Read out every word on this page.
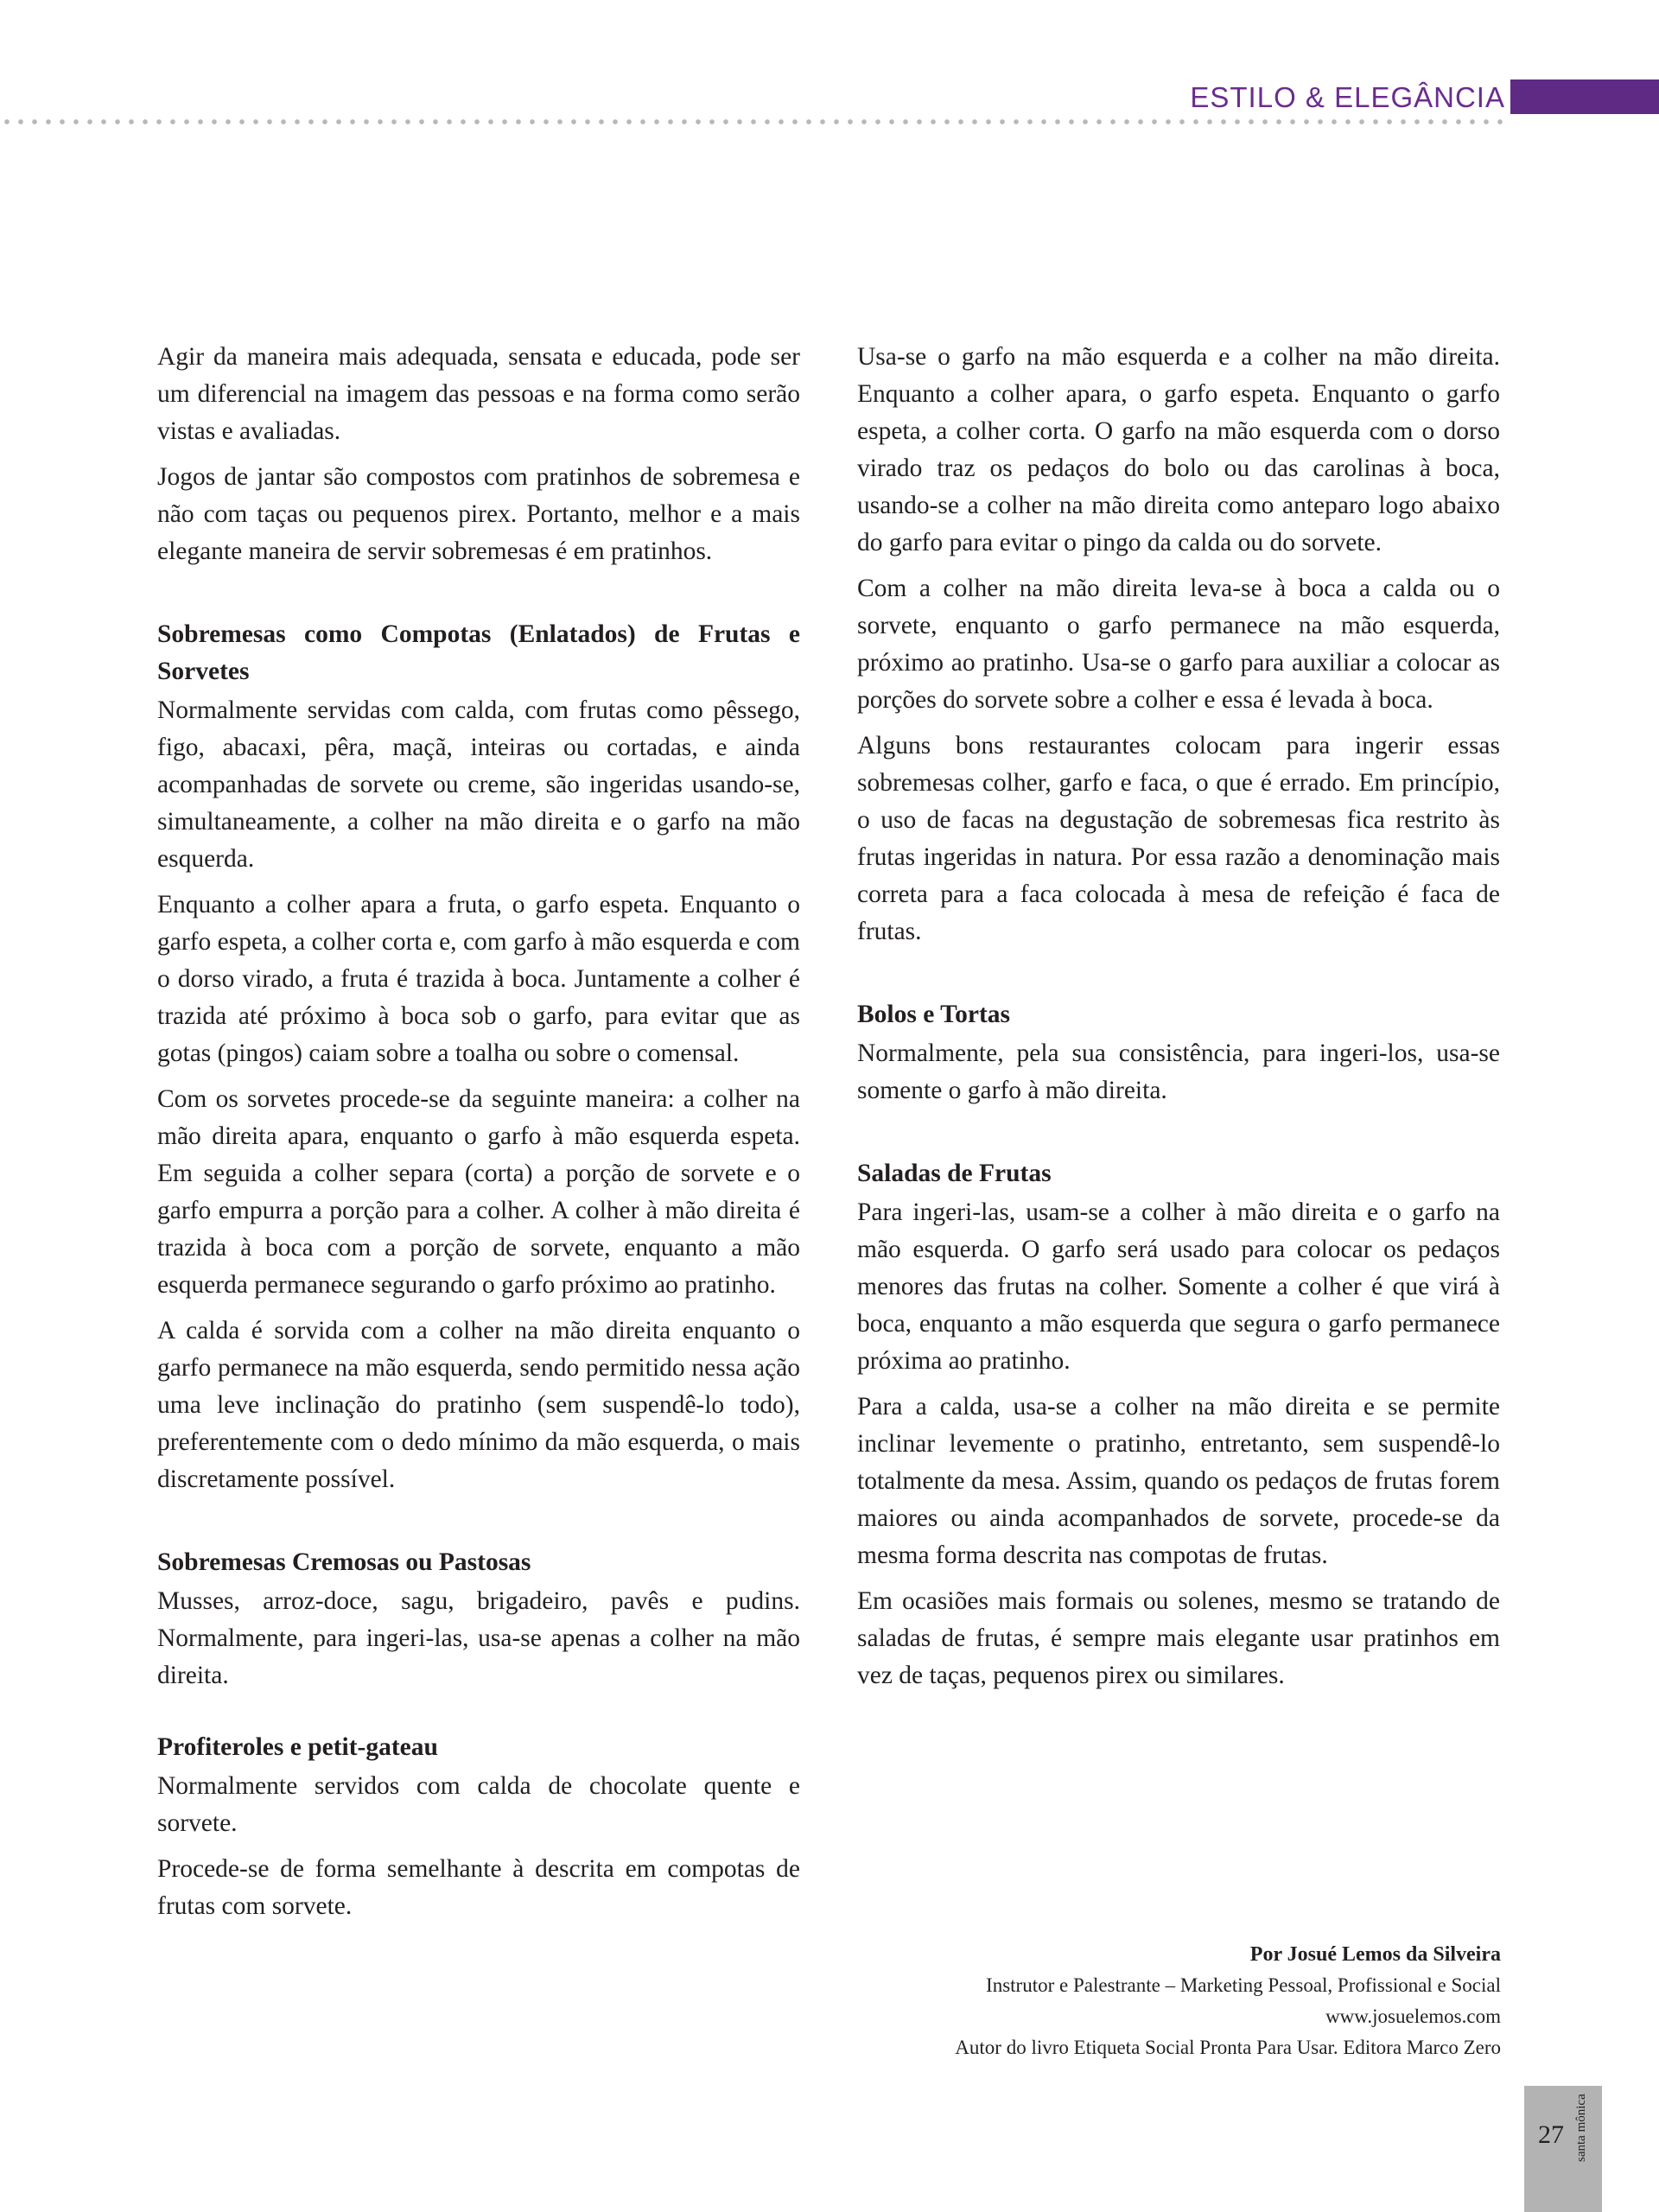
ESTILO & ELEGÂNCIA

Agir da maneira mais adequada, sensata e educada, pode ser um diferencial na imagem das pessoas e na forma como serão vistas e avaliadas.

Jogos de jantar são compostos com pratinhos de sobremesa e não com taças ou pequenos pirex. Portanto, melhor e a mais elegante maneira de servir sobremesas é em pratinhos.

Sobremesas como Compotas (Enlatados) de Frutas e Sorvetes

Normalmente servidas com calda, com frutas como pêssego, figo, abacaxi, pêra, maçã, inteiras ou cortadas, e ainda acompanhadas de sorvete ou creme, são ingeridas usando-se, simultaneamente, a colher na mão direita e o garfo na mão esquerda.

Enquanto a colher apara a fruta, o garfo espeta. Enquanto o garfo espeta, a colher corta e, com garfo à mão esquerda e com o dorso virado, a fruta é trazida à boca. Juntamente a colher é trazida até próximo à boca sob o garfo, para evitar que as gotas (pingos) caiam sobre a toalha ou sobre o comensal.

Com os sorvetes procede-se da seguinte maneira: a colher na mão direita apara, enquanto o garfo à mão esquerda espeta. Em seguida a colher separa (corta) a porção de sorvete e o garfo empurra a porção para a colher. A colher à mão direita é trazida à boca com a porção de sorvete, enquanto a mão esquerda permanece segurando o garfo próximo ao pratinho.

A calda é sorvida com a colher na mão direita enquanto o garfo permanece na mão esquerda, sendo permitido nessa ação uma leve inclinação do pratinho (sem suspendê-lo todo), preferentemente com o dedo mínimo da mão esquerda, o mais discretamente possível.

Sobremesas Cremosas ou Pastosas

Musses, arroz-doce, sagu, brigadeiro, pavês e pudins. Normalmente, para ingeri-las, usa-se apenas a colher na mão direita.

Profiteroles e petit-gateau

Normalmente servidos com calda de chocolate quente e sorvete.

Procede-se de forma semelhante à descrita em compotas de frutas com sorvete.

Usa-se o garfo na mão esquerda e a colher na mão direita. Enquanto a colher apara, o garfo espeta. Enquanto o garfo espeta, a colher corta. O garfo na mão esquerda com o dorso virado traz os pedaços do bolo ou das carolinas à boca, usando-se a colher na mão direita como anteparo logo abaixo do garfo para evitar o pingo da calda ou do sorvete.

Com a colher na mão direita leva-se à boca a calda ou o sorvete, enquanto o garfo permanece na mão esquerda, próximo ao pratinho. Usa-se o garfo para auxiliar a colocar as porções do sorvete sobre a colher e essa é levada à boca.

Alguns bons restaurantes colocam para ingerir essas sobremesas colher, garfo e faca, o que é errado. Em princípio, o uso de facas na degustação de sobremesas fica restrito às frutas ingeridas in natura. Por essa razão a denominação mais correta para a faca colocada à mesa de refeição é faca de frutas.

Bolos e Tortas

Normalmente, pela sua consistência, para ingeri-los, usa-se somente o garfo à mão direita.

Saladas de Frutas

Para ingeri-las, usam-se a colher à mão direita e o garfo na mão esquerda. O garfo será usado para colocar os pedaços menores das frutas na colher. Somente a colher é que virá à boca, enquanto a mão esquerda que segura o garfo permanece próxima ao pratinho.

Para a calda, usa-se a colher na mão direita e se permite inclinar levemente o pratinho, entretanto, sem suspendê-lo totalmente da mesa. Assim, quando os pedaços de frutas forem maiores ou ainda acompanhados de sorvete, procede-se da mesma forma descrita nas compotas de frutas.

Em ocasiões mais formais ou solenes, mesmo se tratando de saladas de frutas, é sempre mais elegante usar pratinhos em vez de taças, pequenos pirex ou similares.

Por Josué Lemos da Silveira
Instrutor e Palestrante – Marketing Pessoal, Profissional e Social
www.josuelemos.com
Autor do livro Etiqueta Social Pronta Para Usar. Editora Marco Zero
27 santa mônica
